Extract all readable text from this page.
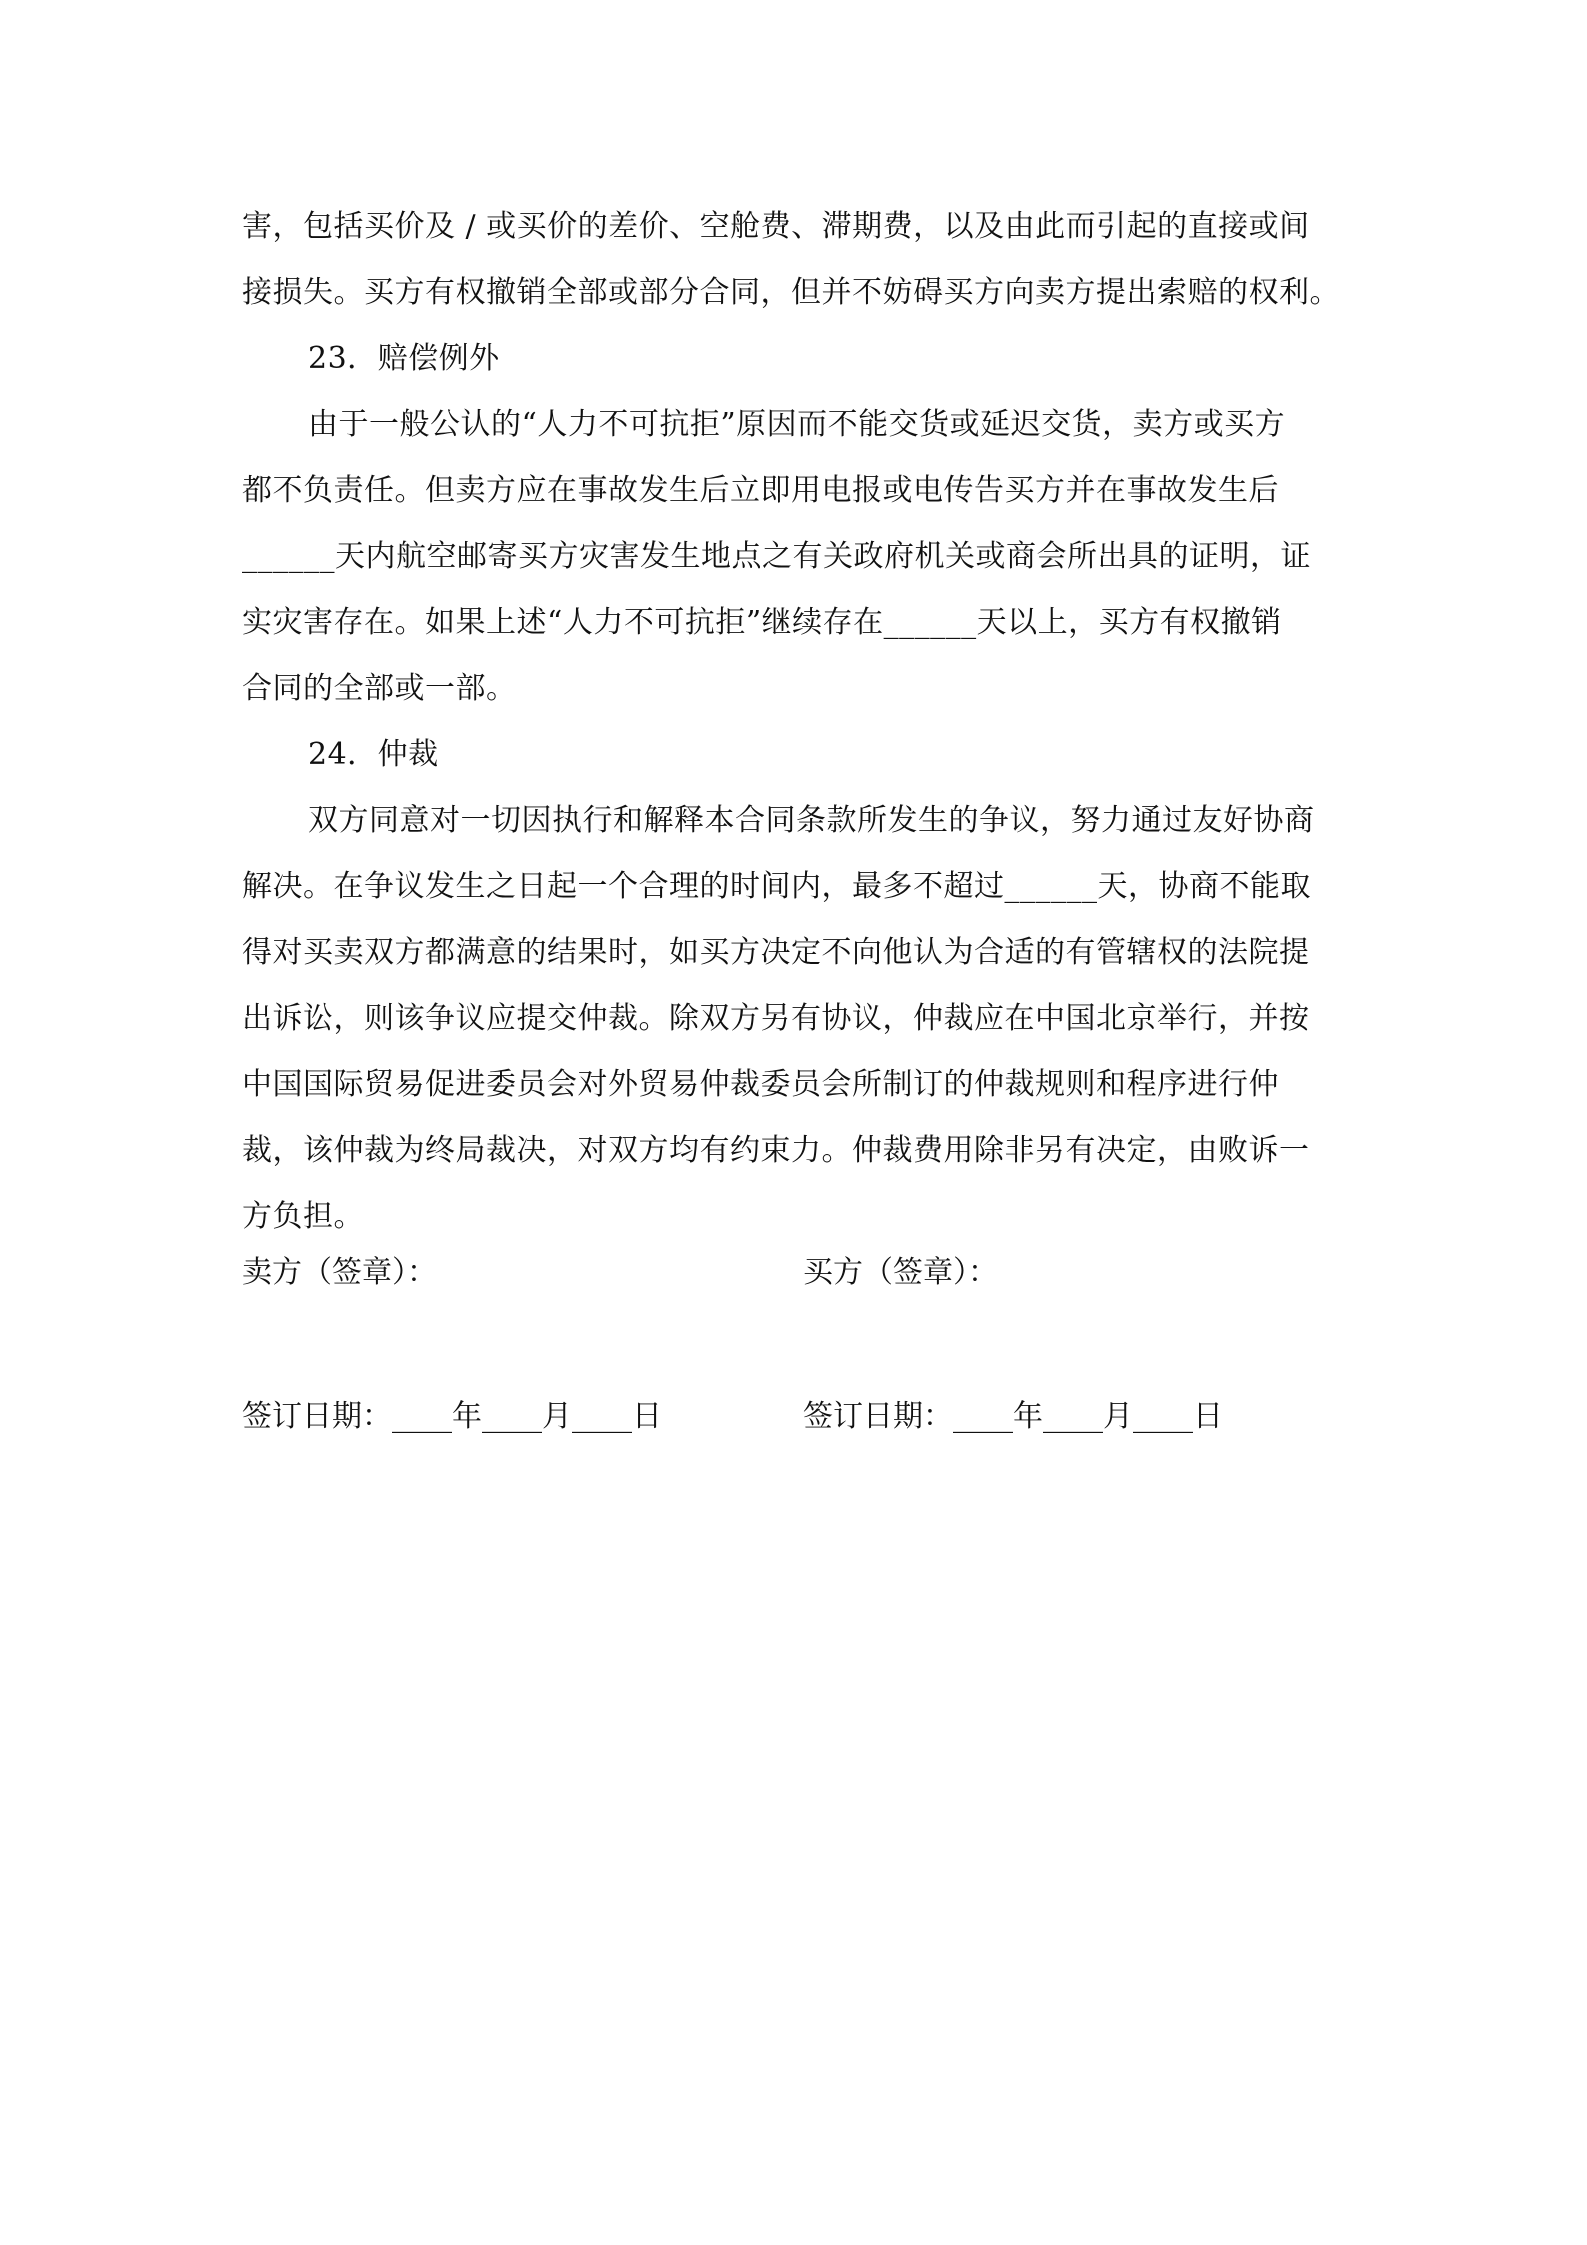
害，包括买价及 / 或买价的差价、空舱费、滞期费，以及由此而引起的直接或间
接损失。买方有权撤销全部或部分合同，但并不妨碍买方向卖方提出索赔的权利。
23．赔偿例外
由于一般公认的“人力不可抗拒”原因而不能交货或延迟交货，卖方或买方
都不负责任。但卖方应在事故发生后立即用电报或电传告买方并在事故发生后
______天内航空邮寄买方灾害发生地点之有关政府机关或商会所出具的证明，证
实灾害存在。如果上述“人力不可抗拒”继续存在______天以上，买方有权撤销
合同的全部或一部。
24．仲裁
双方同意对一切因执行和解释本合同条款所发生的争议，努力通过友好协商
解决。在争议发生之日起一个合理的时间内，最多不超过______天，协商不能取
得对买卖双方都满意的结果时，如买方决定不向他认为合适的有管辖权的法院提
出诉讼，则该争议应提交仲裁。除双方另有协议，仲裁应在中国北京举行，并按
中国国际贸易促进委员会对外贸易仲裁委员会所制订的仲裁规则和程序进行仲
裁，该仲裁为终局裁决，对双方均有约束力。仲裁费用除非另有决定，由败诉一
方负担。

卖方（签章）：

	买方（签章）：

签订日期：____年____月____日

	签订日期：____年____月____日
